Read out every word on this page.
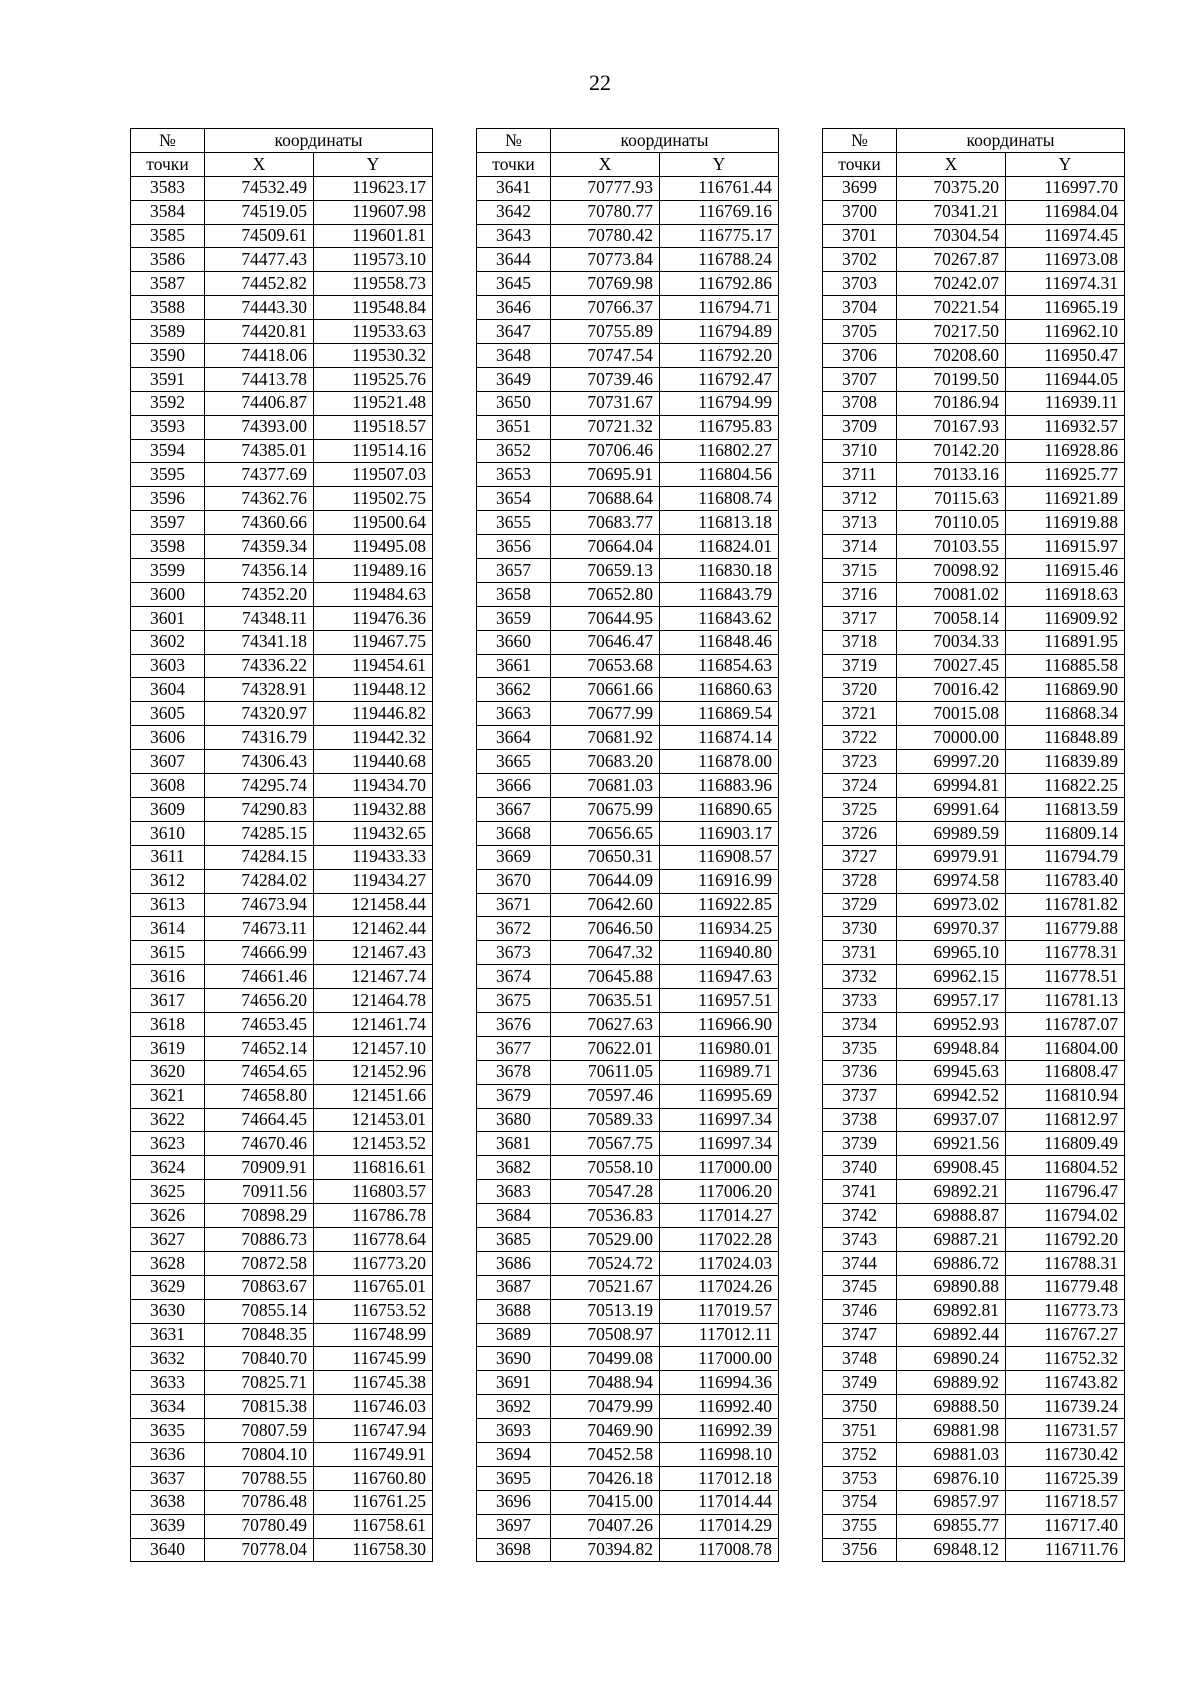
22
№	координаты	
точки	X	Y
3583	74532.49	119623.17
3584	74519.05	119607.98
3585	74509.61	119601.81
3586	74477.43	119573.10
3587	74452.82	119558.73
3588	74443.30	119548.84
3589	74420.81	119533.63
3590	74418.06	119530.32
3591	74413.78	119525.76
3592	74406.87	119521.48
3593	74393.00	119518.57
3594	74385.01	119514.16
3595	74377.69	119507.03
3596	74362.76	119502.75
3597	74360.66	119500.64
3598	74359.34	119495.08
3599	74356.14	119489.16
3600	74352.20	119484.63
3601	74348.11	119476.36
3602	74341.18	119467.75
3603	74336.22	119454.61
3604	74328.91	119448.12
3605	74320.97	119446.82
3606	74316.79	119442.32
3607	74306.43	119440.68
3608	74295.74	119434.70
3609	74290.83	119432.88
3610	74285.15	119432.65
3611	74284.15	119433.33
3612	74284.02	119434.27
3613	74673.94	121458.44
3614	74673.11	121462.44
3615	74666.99	121467.43
3616	74661.46	121467.74
3617	74656.20	121464.78
3618	74653.45	121461.74
3619	74652.14	121457.10
3620	74654.65	121452.96
3621	74658.80	121451.66
3622	74664.45	121453.01
3623	74670.46	121453.52
3624	70909.91	116816.61
3625	70911.56	116803.57
3626	70898.29	116786.78
3627	70886.73	116778.64
3628	70872.58	116773.20
3629	70863.67	116765.01
3630	70855.14	116753.52
3631	70848.35	116748.99
3632	70840.70	116745.99
3633	70825.71	116745.38
3634	70815.38	116746.03
3635	70807.59	116747.94
3636	70804.10	116749.91
3637	70788.55	116760.80
3638	70786.48	116761.25
3639	70780.49	116758.61
3640	70778.04	116758.30
№	координаты	
точки	X	Y
3641	70777.93	116761.44
3642	70780.77	116769.16
3643	70780.42	116775.17
3644	70773.84	116788.24
3645	70769.98	116792.86
3646	70766.37	116794.71
3647	70755.89	116794.89
3648	70747.54	116792.20
3649	70739.46	116792.47
3650	70731.67	116794.99
3651	70721.32	116795.83
3652	70706.46	116802.27
3653	70695.91	116804.56
3654	70688.64	116808.74
3655	70683.77	116813.18
3656	70664.04	116824.01
3657	70659.13	116830.18
3658	70652.80	116843.79
3659	70644.95	116843.62
3660	70646.47	116848.46
3661	70653.68	116854.63
3662	70661.66	116860.63
3663	70677.99	116869.54
3664	70681.92	116874.14
3665	70683.20	116878.00
3666	70681.03	116883.96
3667	70675.99	116890.65
3668	70656.65	116903.17
3669	70650.31	116908.57
3670	70644.09	116916.99
3671	70642.60	116922.85
3672	70646.50	116934.25
3673	70647.32	116940.80
3674	70645.88	116947.63
3675	70635.51	116957.51
3676	70627.63	116966.90
3677	70622.01	116980.01
3678	70611.05	116989.71
3679	70597.46	116995.69
3680	70589.33	116997.34
3681	70567.75	116997.34
3682	70558.10	117000.00
3683	70547.28	117006.20
3684	70536.83	117014.27
3685	70529.00	117022.28
3686	70524.72	117024.03
3687	70521.67	117024.26
3688	70513.19	117019.57
3689	70508.97	117012.11
3690	70499.08	117000.00
3691	70488.94	116994.36
3692	70479.99	116992.40
3693	70469.90	116992.39
3694	70452.58	116998.10
3695	70426.18	117012.18
3696	70415.00	117014.44
3697	70407.26	117014.29
3698	70394.82	117008.78
№	координаты	
точки	X	Y
3699	70375.20	116997.70
3700	70341.21	116984.04
3701	70304.54	116974.45
3702	70267.87	116973.08
3703	70242.07	116974.31
3704	70221.54	116965.19
3705	70217.50	116962.10
3706	70208.60	116950.47
3707	70199.50	116944.05
3708	70186.94	116939.11
3709	70167.93	116932.57
3710	70142.20	116928.86
3711	70133.16	116925.77
3712	70115.63	116921.89
3713	70110.05	116919.88
3714	70103.55	116915.97
3715	70098.92	116915.46
3716	70081.02	116918.63
3717	70058.14	116909.92
3718	70034.33	116891.95
3719	70027.45	116885.58
3720	70016.42	116869.90
3721	70015.08	116868.34
3722	70000.00	116848.89
3723	69997.20	116839.89
3724	69994.81	116822.25
3725	69991.64	116813.59
3726	69989.59	116809.14
3727	69979.91	116794.79
3728	69974.58	116783.40
3729	69973.02	116781.82
3730	69970.37	116779.88
3731	69965.10	116778.31
3732	69962.15	116778.51
3733	69957.17	116781.13
3734	69952.93	116787.07
3735	69948.84	116804.00
3736	69945.63	116808.47
3737	69942.52	116810.94
3738	69937.07	116812.97
3739	69921.56	116809.49
3740	69908.45	116804.52
3741	69892.21	116796.47
3742	69888.87	116794.02
3743	69887.21	116792.20
3744	69886.72	116788.31
3745	69890.88	116779.48
3746	69892.81	116773.73
3747	69892.44	116767.27
3748	69890.24	116752.32
3749	69889.92	116743.82
3750	69888.50	116739.24
3751	69881.98	116731.57
3752	69881.03	116730.42
3753	69876.10	116725.39
3754	69857.97	116718.57
3755	69855.77	116717.40
3756	69848.12	116711.76
